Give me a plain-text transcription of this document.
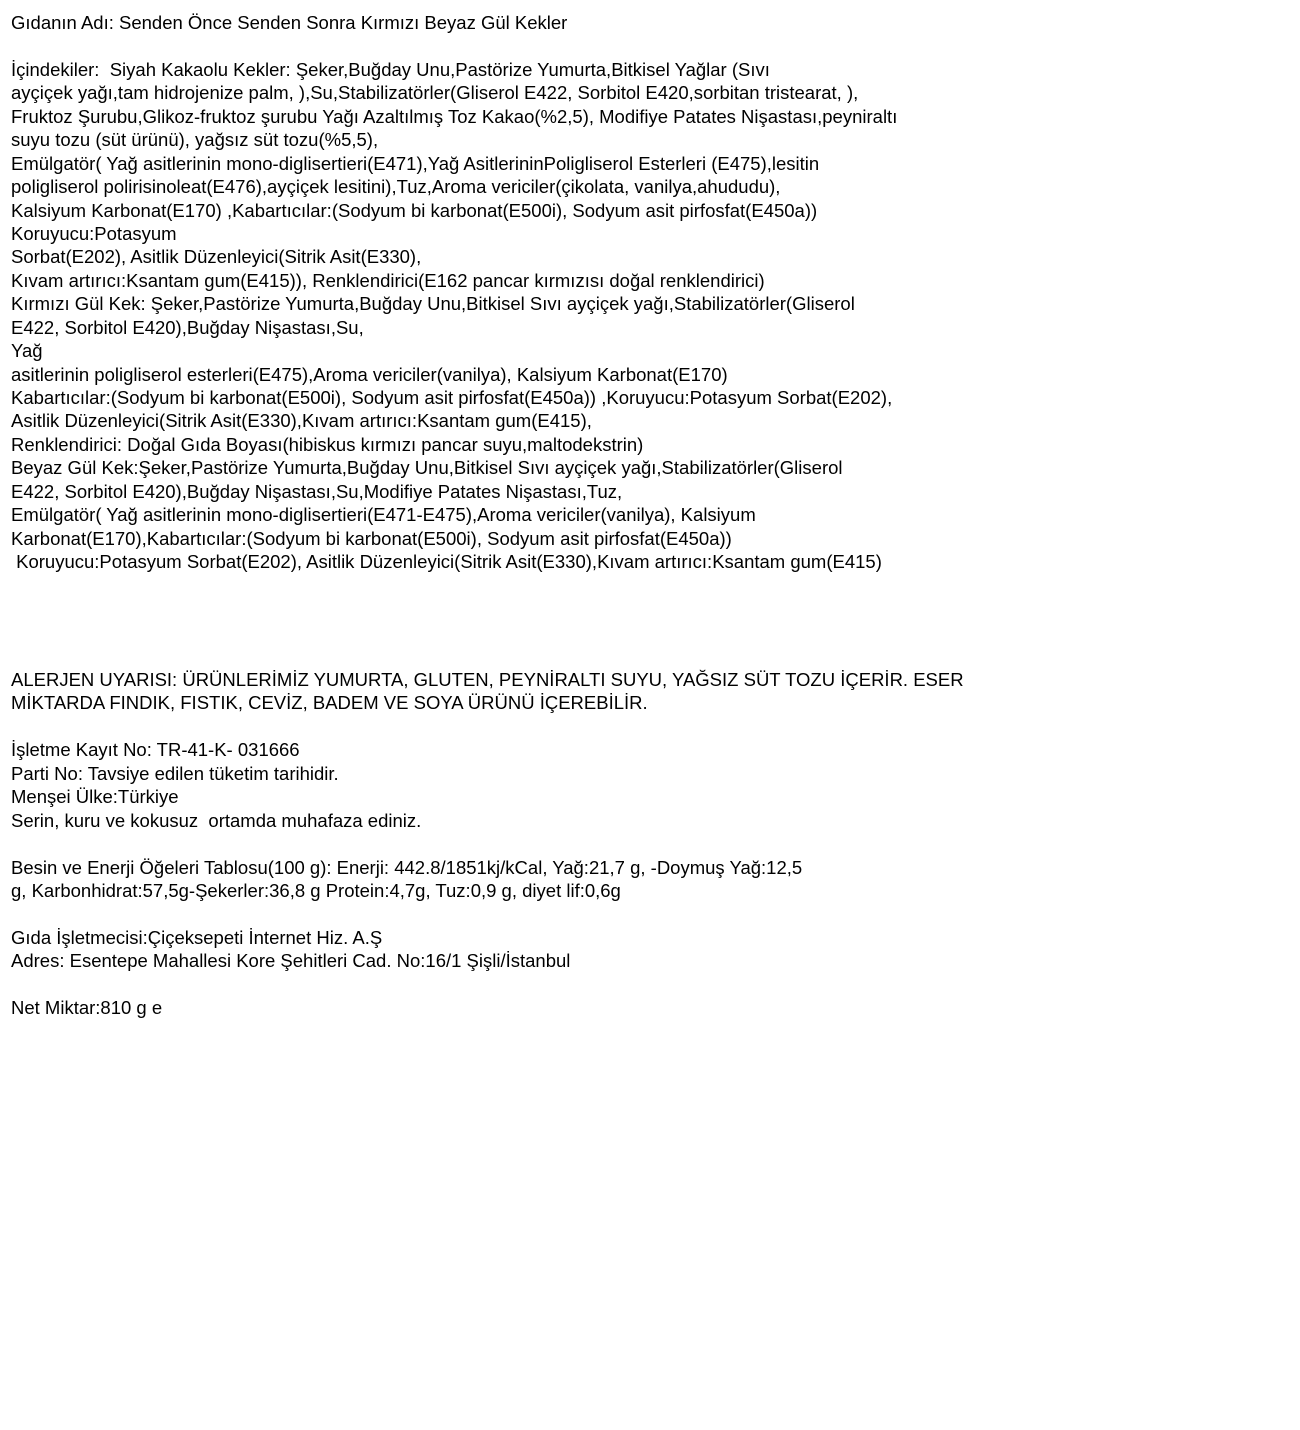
Gıdanın Adı: Senden Önce Senden Sonra Kırmızı Beyaz Gül Kekler
İçindekiler:  Siyah Kakaolu Kekler: Şeker,Buğday Unu,Pastörize Yumurta,Bitkisel Yağlar (Sıvı
ayçiçek yağı,tam hidrojenize palm, ),Su,Stabilizatörler(Gliserol E422, Sorbitol E420,sorbitan tristearat, ),
Fruktoz Şurubu,Glikoz-fruktoz şurubu Yağı Azaltılmış Toz Kakao(%2,5), Modifiye Patates Nişastası,peyniraltı
suyu tozu (süt ürünü), yağsız süt tozu(%5,5),
Emülgatör( Yağ asitlerinin mono-diglisertieri(E471),Yağ AsitlerininPoligliserol Esterleri (E475),lesitin
poligliserol polirisinoleat(E476),ayçiçek lesitini),Tuz,Aroma vericiler(çikolata, vanilya,ahududu),
Kalsiyum Karbonat(E170) ,Kabartıcılar:(Sodyum bi karbonat(E500i), Sodyum asit pirfosfat(E450a))
Koruyucu:Potasyum
Sorbat(E202), Asitlik Düzenleyici(Sitrik Asit(E330),
Kıvam artırıcı:Ksantam gum(E415)), Renklendirici(E162 pancar kırmızısı doğal renklendirici)
Kırmızı Gül Kek: Şeker,Pastörize Yumurta,Buğday Unu,Bitkisel Sıvı ayçiçek yağı,Stabilizatörler(Gliserol
E422, Sorbitol E420),Buğday Nişastası,Su,
Yağ
asitlerinin poligliserol esterleri(E475),Aroma vericiler(vanilya), Kalsiyum Karbonat(E170)
Kabartıcılar:(Sodyum bi karbonat(E500i), Sodyum asit pirfosfat(E450a)) ,Koruyucu:Potasyum Sorbat(E202),
Asitlik Düzenleyici(Sitrik Asit(E330),Kıvam artırıcı:Ksantam gum(E415),
Renklendirici: Doğal Gıda Boyası(hibiskus kırmızı pancar suyu,maltodekstrin)
Beyaz Gül Kek:Şeker,Pastörize Yumurta,Buğday Unu,Bitkisel Sıvı ayçiçek yağı,Stabilizatörler(Gliserol
E422, Sorbitol E420),Buğday Nişastası,Su,Modifiye Patates Nişastası,Tuz,
Emülgatör( Yağ asitlerinin mono-diglisertieri(E471-E475),Aroma vericiler(vanilya), Kalsiyum
Karbonat(E170),Kabartıcılar:(Sodyum bi karbonat(E500i), Sodyum asit pirfosfat(E450a))
Koruyucu:Potasyum Sorbat(E202), Asitlik Düzenleyici(Sitrik Asit(E330),Kıvam artırıcı:Ksantam gum(E415)
ALERJEN UYARISI: ÜRÜNLERİMİZ YUMURTA, GLUTEN, PEYNİRALTI SUYU, YAĞSIZ SÜT TOZU İÇERİR. ESER
MİKTARDA FINDIK, FISTIK, CEVİZ, BADEM VE SOYA ÜRÜNÜ İÇEREBİLİR.
İşletme Kayıt No: TR-41-K- 031666
Parti No: Tavsiye edilen tüketim tarihidir.
Menşei Ülke:Türkiye
Serin, kuru ve kokusuz  ortamda muhafaza ediniz.
Besin ve Enerji Öğeleri Tablosu(100 g): Enerji: 442.8/1851kj/kCal, Yağ:21,7 g, -Doymuş Yağ:12,5
g, Karbonhidrat:57,5g-Şekerler:36,8 g Protein:4,7g, Tuz:0,9 g, diyet lif:0,6g
Gıda İşletmecisi:Çiçeksepeti İnternet Hiz. A.Ş
Adres: Esentepe Mahallesi Kore Şehitleri Cad. No:16/1 Şişli/İstanbul
Net Miktar:810 g e
